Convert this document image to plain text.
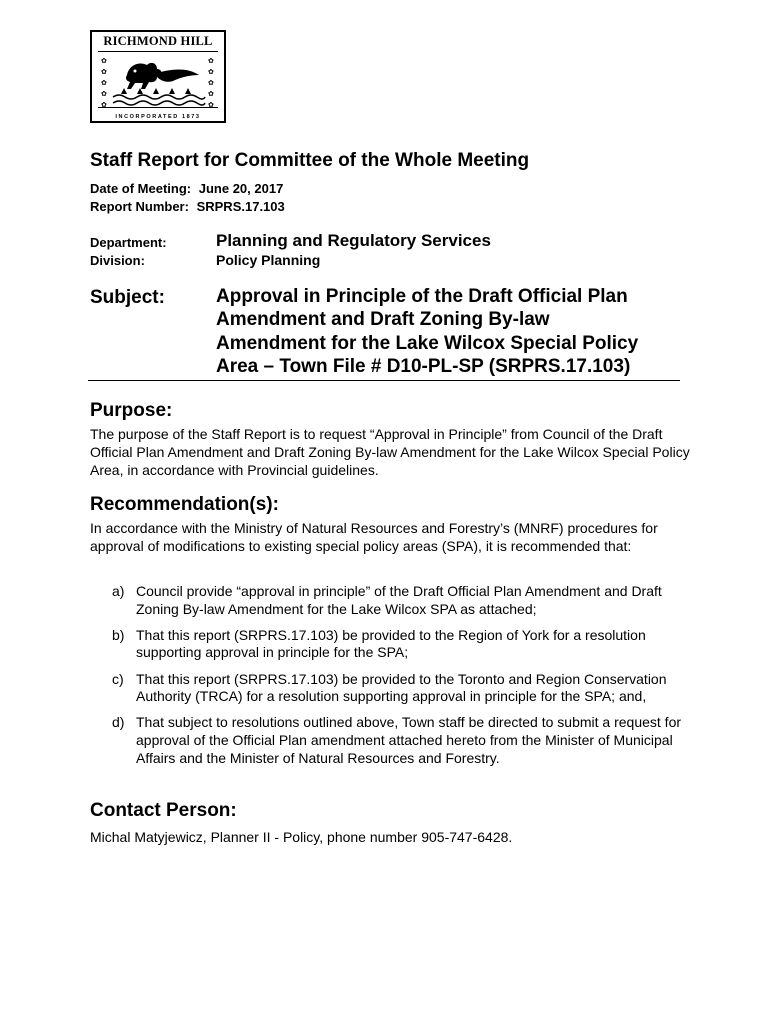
RICHMOND HILL
✿
✿
✿
✿
✿
✿
✿
✿
✿
✿
INCORPORATED 1873
Staff Report for Committee of the Whole Meeting
Date of Meeting: June 20, 2017
Report Number: SRPRS.17.103
Department:	Planning and Regulatory Services
Division:	Policy Planning
Subject:	Approval in Principle of the Draft Official Plan
Amendment and Draft Zoning By-law
Amendment for the Lake Wilcox Special Policy
Area – Town File # D10-PL-SP (SRPRS.17.103)
Purpose:
The purpose of the Staff Report is to request “Approval in Principle” from Council of the Draft Official Plan Amendment and Draft Zoning By-law Amendment for the Lake Wilcox Special Policy Area, in accordance with Provincial guidelines.
Recommendation(s):
In accordance with the Ministry of Natural Resources and Forestry’s (MNRF) procedures for approval of modifications to existing special policy areas (SPA), it is recommended that:
a) Council provide “approval in principle” of the Draft Official Plan Amendment and Draft Zoning By-law Amendment for the Lake Wilcox SPA as attached;
b) That this report (SRPRS.17.103) be provided to the Region of York for a resolution supporting approval in principle for the SPA;
c) That this report (SRPRS.17.103) be provided to the Toronto and Region Conservation Authority (TRCA) for a resolution supporting approval in principle for the SPA; and,
d) That subject to resolutions outlined above, Town staff be directed to submit a request for approval of the Official Plan amendment attached hereto from the Minister of Municipal Affairs and the Minister of Natural Resources and Forestry.
Contact Person:
Michal Matyjewicz, Planner II - Policy, phone number 905-747-6428.
